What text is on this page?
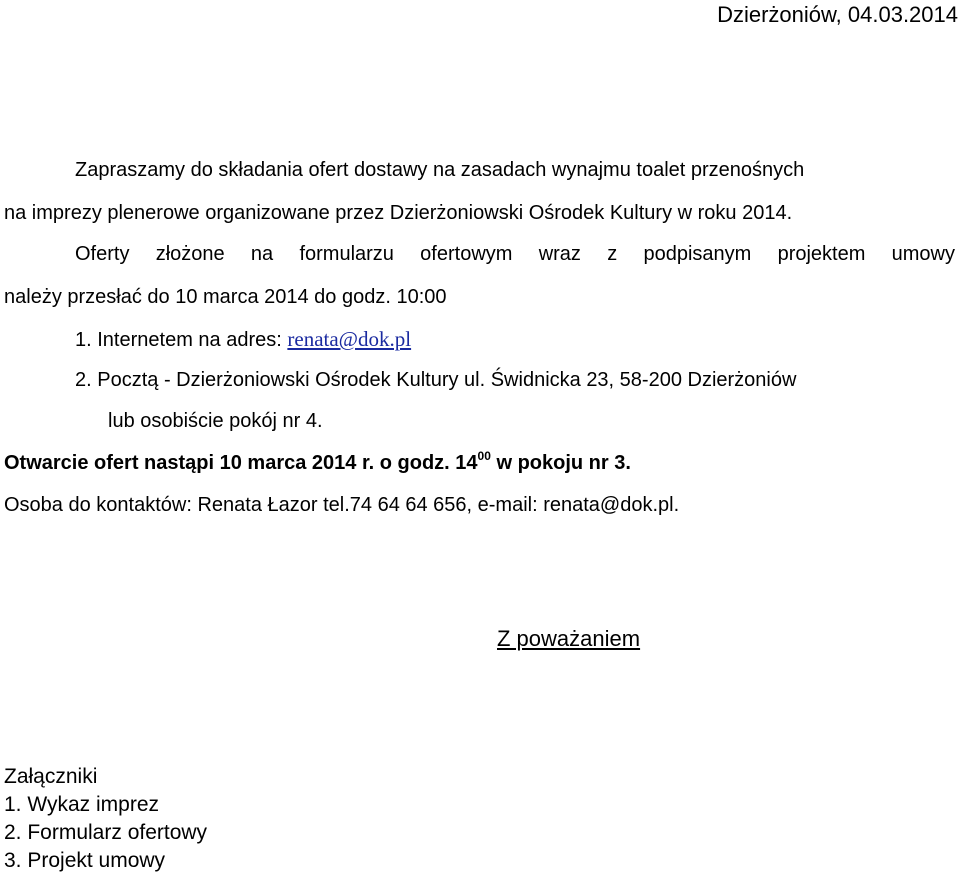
Dzierżoniów, 04.03.2014
Zapraszamy do składania ofert dostawy na zasadach wynajmu toalet przenośnych
na imprezy plenerowe organizowane przez Dzierżoniowski Ośrodek Kultury w roku 2014.
Oferty złożone na formularzu ofertowym wraz z podpisanym projektem umowy
należy przesłać do 10 marca 2014 do godz. 10:00
1. Internetem na adres: renata@dok.pl
2. Pocztą - Dzierżoniowski Ośrodek Kultury ul. Świdnicka 23, 58-200 Dzierżoniów
lub osobiście pokój nr 4.
Otwarcie ofert nastąpi 10 marca 2014 r. o godz. $14^{00}$ w pokoju nr 3.
Osoba do kontaktów: Renata Łazor tel.74 64 64 656, e-mail: renata@dok.pl.
Z poważaniem
Załączniki
1. Wykaz imprez
2. Formularz ofertowy
3. Projekt umowy
